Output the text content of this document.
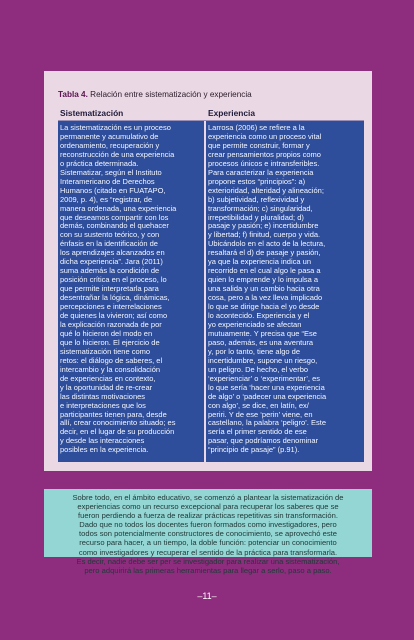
Tabla 4. Relación entre sistematización y experiencia
Sistematización	Experiencia
La sistematización es un proceso
permanente y acumulativo de
ordenamiento, recuperación y
reconstrucción de una experiencia
o práctica determinada.
Sistematizar, según el Instituto
Interamericano de Derechos
Humanos (citado en FUATAPO,
2009, p. 4), es “registrar, de
manera ordenada, una experiencia
que deseamos compartir con los
demás, combinando el quehacer
con su sustento teórico, y con
énfasis en la identificación de
los aprendizajes alcanzados en
dicha experiencia”. Jara (2011)
suma además la condición de
posición crítica en el proceso, lo
que permite interpretarla para
desentrañar la lógica, dinámicas,
percepciones e interrelaciones
de quienes la vivieron; así como
la explicación razonada de por
qué lo hicieron del modo en
que lo hicieron. El ejercicio de
sistematización tiene como
retos: el diálogo de saberes, el
intercambio y la consolidación
de experiencias en contexto,
y la oportunidad de re-crear
las distintas motivaciones
e interpretaciones que los
participantes tienen para, desde
allí, crear conocimiento situado; es
decir, en el lugar de su producción
y desde las interacciones
posibles en la experiencia.
Larrosa (2006) se refiere a la
experiencia como un proceso vital
que permite construir, formar y
crear pensamientos propios como
procesos únicos e intransferibles.
Para caracterizar la experiencia
propone estos “principios”: a)
exterioridad, alteridad y alineación;
b) subjetividad, reflexividad y
transformación; c) singularidad,
irrepetibilidad y pluralidad; d)
pasaje y pasión; e) incertidumbre
y libertad; f) finitud, cuerpo y vida.
Ubicándolo en el acto de la lectura,
resaltará el d) de pasaje y pasión,
ya que la experiencia indica un
recorrido en el cual algo le pasa a
quien lo emprende y lo impulsa a
una salida y un cambio hacia otra
cosa, pero a la vez lleva implicado
lo que se dirige hacia el yo desde
lo acontecido. Experiencia y el
yo experienciado se afectan
mutuamente. Y precisa que “Ese
paso, además, es una aventura
y, por lo tanto, tiene algo de
incertidumbre, supone un riesgo,
un peligro. De hecho, el verbo
‘experienciar’ o ‘experimentar’, es
lo que sería ‘hacer una experiencia
de algo’ o ‘padecer una experiencia
con algo’, se dice, en latín, ex/
periri. Y de ese ‘perin’ viene, en
castellano, la palabra ‘peligro’. Este
sería el primer sentido de ese
pasar, que podríamos denominar
“principio de pasaje” (p.91).
Sobre todo, en el ámbito educativo, se comenzó a plantear la sistematización de
experiencias como un recurso excepcional para recuperar los saberes que se
fueron perdiendo a fuerza de realizar prácticas repetitivas sin transformación.
Dado que no todos los docentes fueron formados como investigadores, pero
todos son potencialmente constructores de conocimiento, se aprovechó este
recurso para hacer, a un tiempo, la doble función: potenciar un conocimiento
como investigadores y recuperar el sentido de la práctica para transformarla.
Es decir, nadie debe ser per se investigador para realizar una sistematización,
pero adquirirá las primeras herramientas para llegar a serlo, paso a paso.
–11–
